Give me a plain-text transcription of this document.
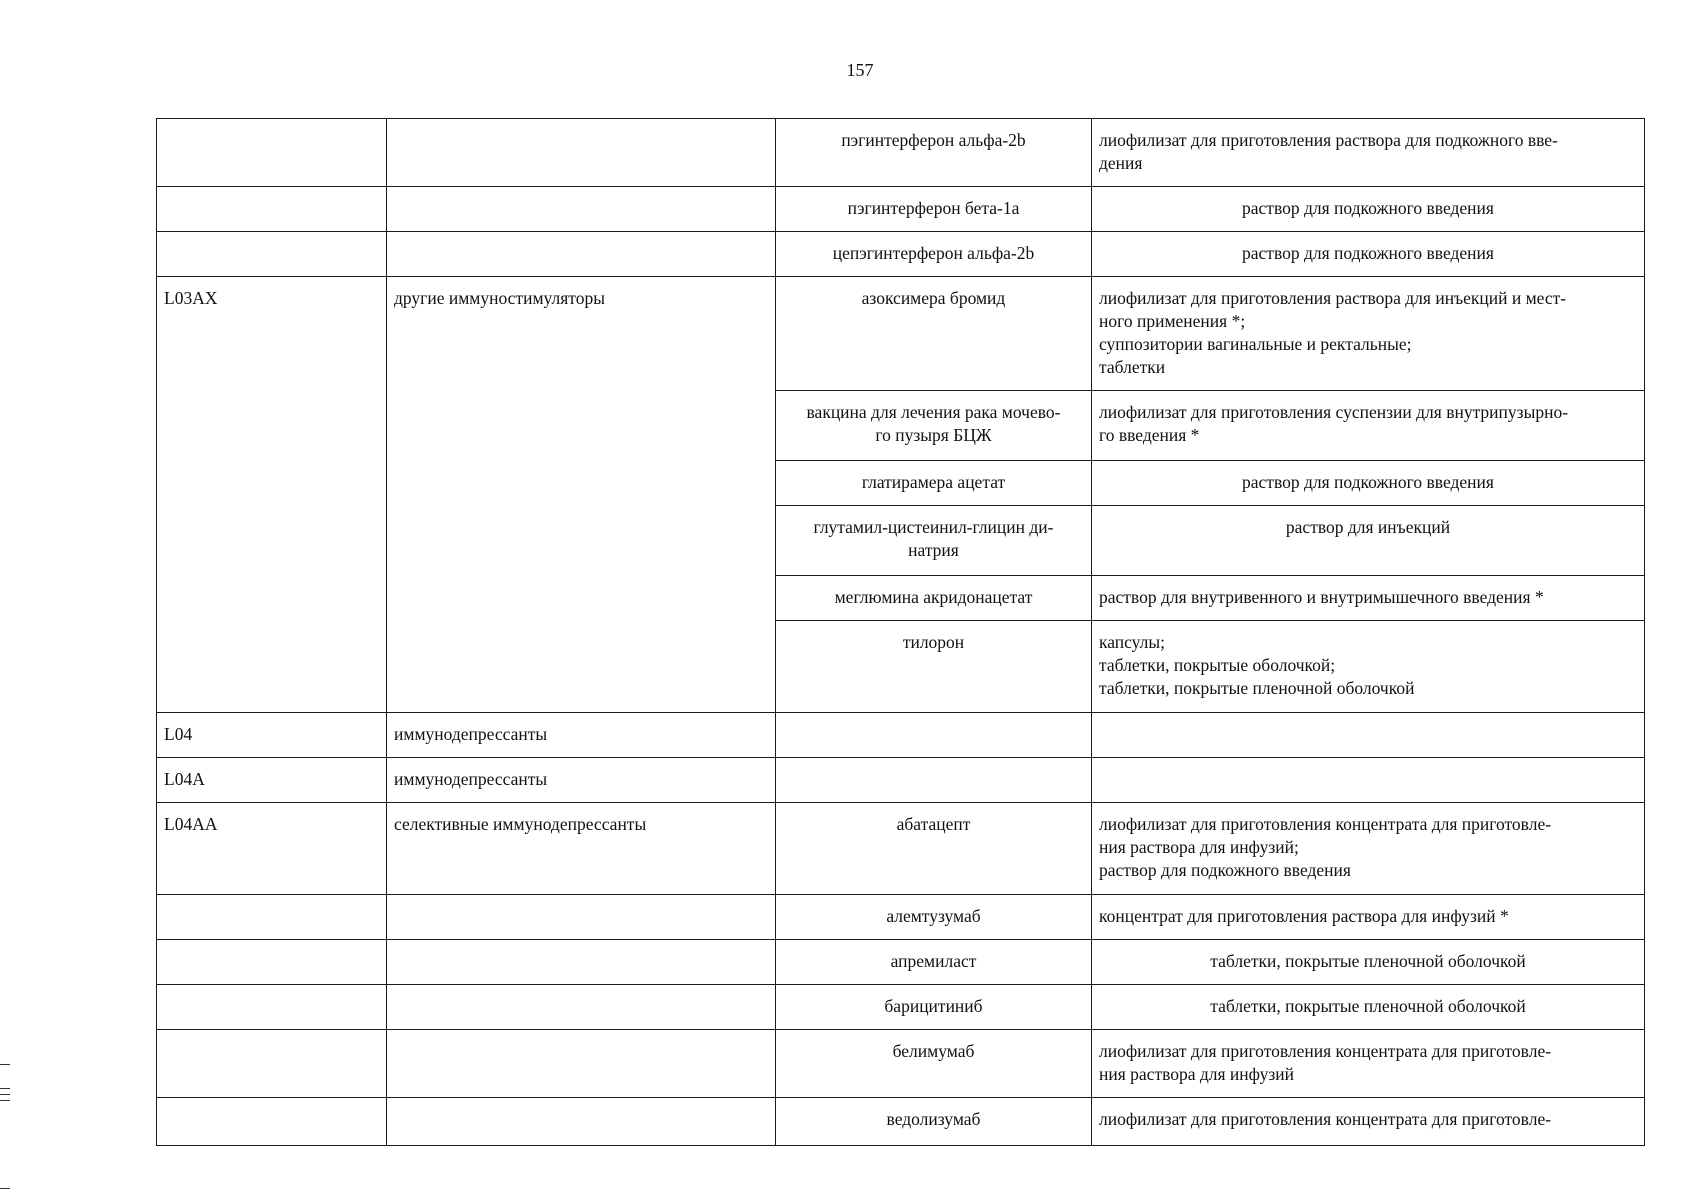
157
		пэгинтерферон альфа-2b	лиофилизат для приготовления раствора для подкожного вве-
дения
		пэгинтерферон бета-1а	раствор для подкожного введения
		цепэгинтерферон альфа-2b	раствор для подкожного введения
L03AX	другие иммуностимуляторы	азоксимера бромид	лиофилизат для приготовления раствора для инъекций и мест-
ного применения *;
суппозитории вагинальные и ректальные;
таблетки
		вакцина для лечения рака мочево-
го пузыря БЦЖ	лиофилизат для приготовления суспензии для внутрипузырно-
го введения *
		глатирамера ацетат	раствор для подкожного введения
		глутамил-цистеинил-глицин ди-
натрия	раствор для инъекций
		меглюмина акридонацетат	раствор для внутривенного и внутримышечного введения *
		тилорон	капсулы;
таблетки, покрытые оболочкой;
таблетки, покрытые пленочной оболочкой
L04	иммунодепрессанты		
L04A	иммунодепрессанты		
L04AA	селективные иммунодепрессанты	абатацепт	лиофилизат для приготовления концентрата для приготовле-
ния раствора для инфузий;
раствор для подкожного введения
		алемтузумаб	концентрат для приготовления раствора для инфузий *
		апремиласт	таблетки, покрытые пленочной оболочкой
		барицитиниб	таблетки, покрытые пленочной оболочкой
		белимумаб	лиофилизат для приготовления концентрата для приготовле-
ния раствора для инфузий
		ведолизумаб	лиофилизат для приготовления концентрата для приготовле-
